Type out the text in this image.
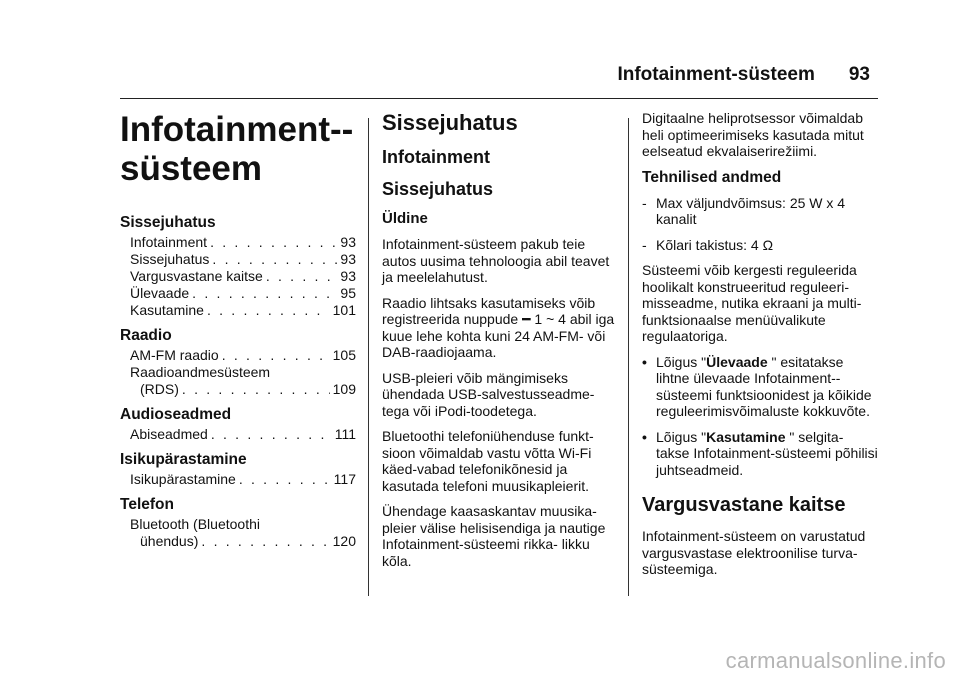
Infotainment-süsteem 93
Infotainment--
süsteem
Sissejuhatus
Infotainment . . .	93
Sissejuhatus . . .	93
Vargusvastane kaitse . . .	93
Ülevaade . . .	95
Kasutamine . . .	101
Raadio
AM-FM raadio . . .	105
Raadioandmesüsteem
(RDS) . . .	109
Audioseadmed
Abiseadmed . . .	111
Isikupärastamine
Isikupärastamine . . .	117
Telefon
Bluetooth (Bluetoothi
ühendus) . . .	120
Sissejuhatus
Infotainment
Sissejuhatus
Üldine

Infotainment-süsteem pakub teie autos uusima tehnoloogia abil teavet ja meelelahutust.

Raadio lihtsaks kasutamiseks võib registreerida nuppude ━ 1 ~ 4 abil iga kuue lehe kohta kuni 24 AM-FM- või DAB-raadiojaama.

USB-pleieri võib mängimiseks ühendada USB-salvestusseadme- tega või iPodi-toodetega.

Bluetoothi telefoniühenduse funkt- sioon võimaldab vastu võtta Wi-Fi käed-vabad telefonikõnesid ja kasutada telefoni muusikapleierit.

Ühendage kaasaskantav muusika- pleier välise helisisendiga ja nautige Infotainment-süsteemi rikka- likku kõla.

Digitaalne heliprotsessor võimaldab heli optimeerimiseks kasutada mitut eelseatud ekvalaiserirežiimi.

Tehnilised andmed
- Max väljundvõimsus: 25 W x 4 kanalit
- Kõlari takistus: 4 Ω

Süsteemi võib kergesti reguleerida hoolikalt konstrueeritud reguleeri- misseadme, nutika ekraani ja multi- funktsionaalse menüüvalikute regulaatoriga.

• Lõigus "Ülevaade " esitatakse lihtne ülevaade Infotainment-- süsteemi funktsioonidest ja kõikide reguleerimisvõimaluste kokkuvõte.
• Lõigus "Kasutamine " selgita- takse Infotainment-süsteemi põhilisi juhtseadmeid.
Vargusvastane kaitse

Infotainment-süsteem on varustatud vargusvastase elektroonilise turva- süsteemiga.

carmanualsonline.info
